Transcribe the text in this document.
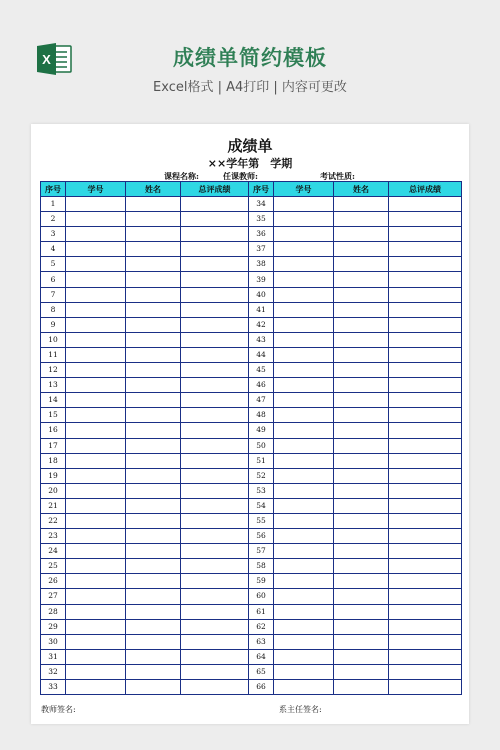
X	成绩单简约模板
Excel格式 | A4打印 | 内容可更改
成绩单
××学年第　学期
课程名称:	任课教师:	考试性质:
序号	学号	姓名	总评成绩	序号	学号	姓名	总评成绩
1				34			
2				35			
3				36			
4				37			
5				38			
6				39			
7				40			
8				41			
9				42			
10				43			
11				44			
12				45			
13				46			
14				47			
15				48			
16				49			
17				50			
18				51			
19				52			
20				53			
21				54			
22				55			
23				56			
24				57			
25				58			
26				59			
27				60			
28				61			
29				62			
30				63			
31				64			
32				65			
33				66			
教师签名:	系主任签名:
